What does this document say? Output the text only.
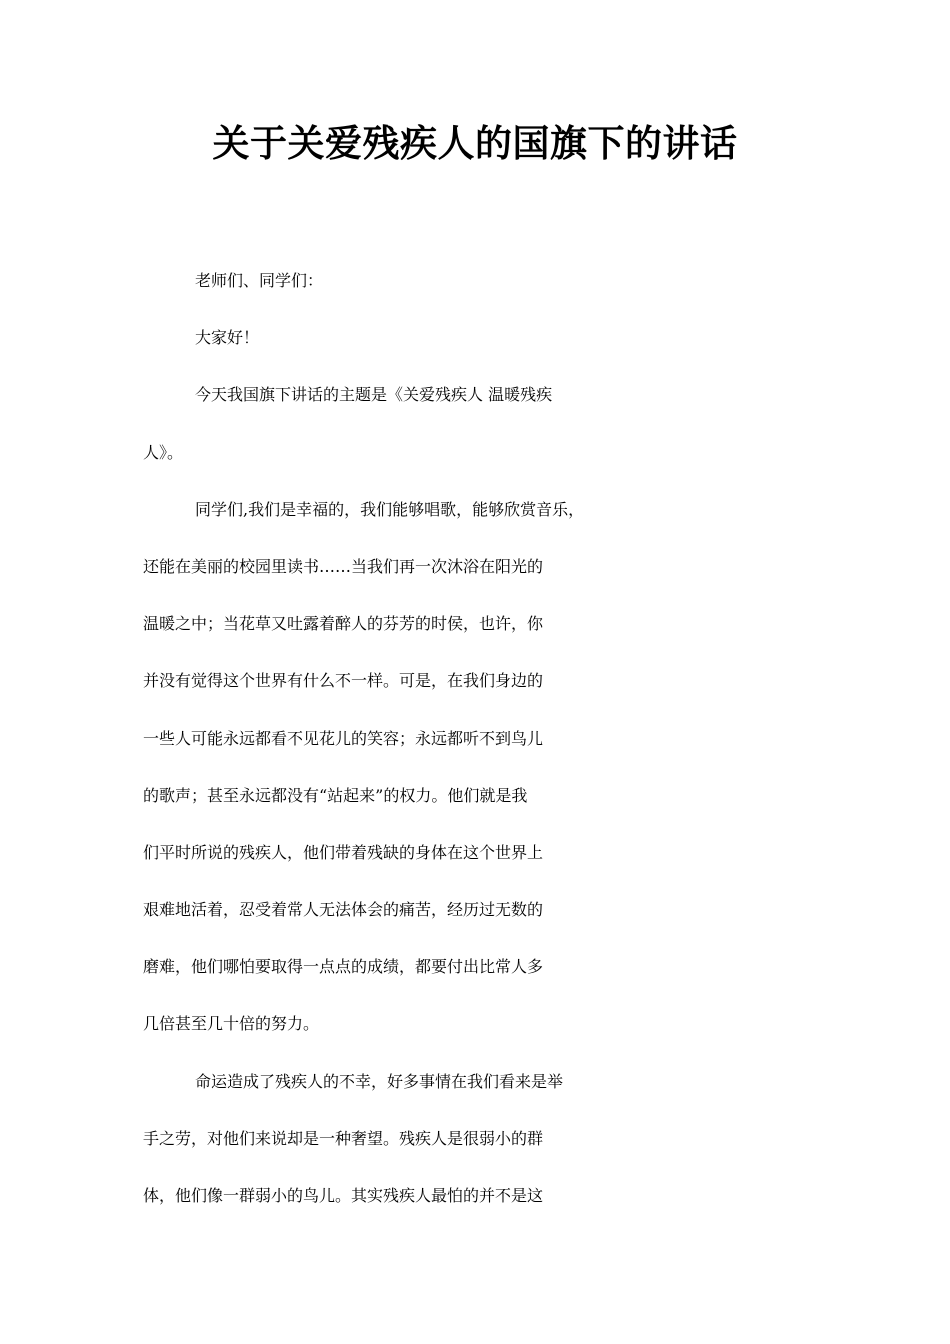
关于关爱残疾人的国旗下的讲话
老师们、同学们：
大家好！
今天我国旗下讲话的主题是《关爱残疾人 温暖残疾
人》。
同学们,我们是幸福的，我们能够唱歌，能够欣赏音乐，
还能在美丽的校园里读书……当我们再一次沐浴在阳光的
温暖之中；当花草又吐露着醉人的芬芳的时侯，也许，你
并没有觉得这个世界有什么不一样。可是，在我们身边的
一些人可能永远都看不见花儿的笑容；永远都听不到鸟儿
的歌声；甚至永远都没有“站起来”的权力。他们就是我
们平时所说的残疾人，他们带着残缺的身体在这个世界上
艰难地活着，忍受着常人无法体会的痛苦，经历过无数的
磨难，他们哪怕要取得一点点的成绩，都要付出比常人多
几倍甚至几十倍的努力。
命运造成了残疾人的不幸，好多事情在我们看来是举
手之劳，对他们来说却是一种奢望。残疾人是很弱小的群
体，他们像一群弱小的鸟儿。其实残疾人最怕的并不是这
